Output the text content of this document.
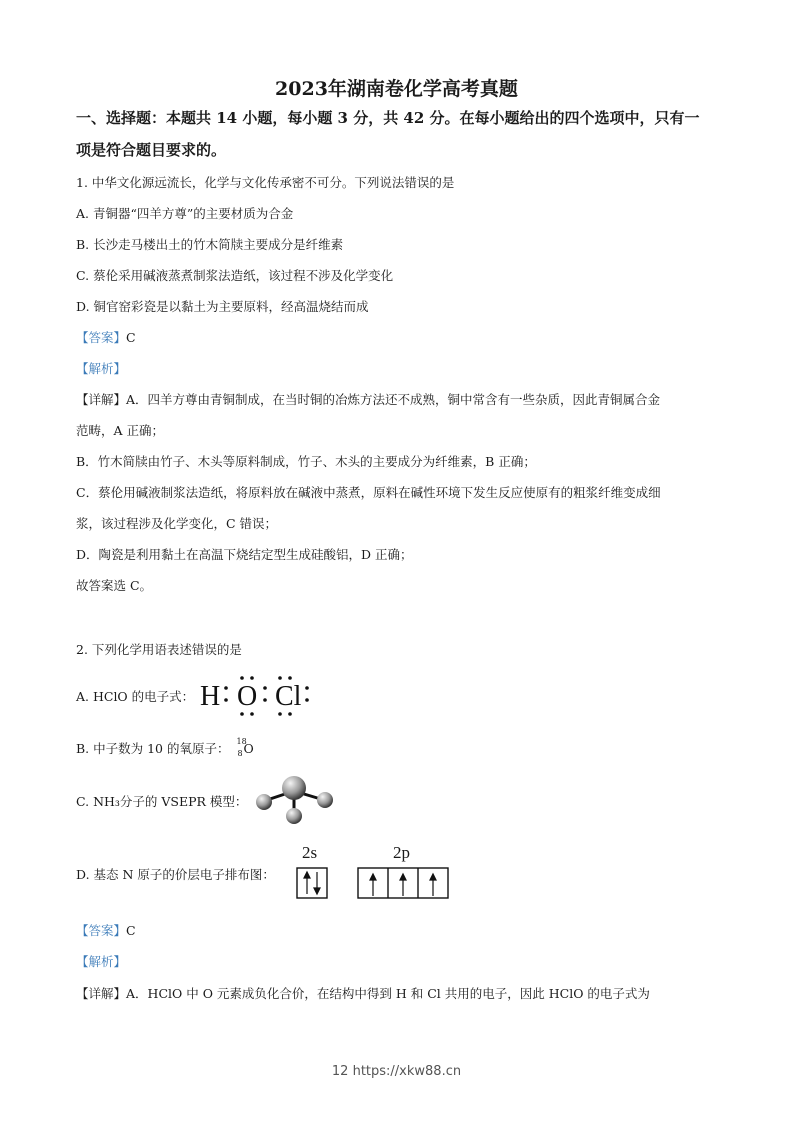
2023年湖南卷化学高考真题
一、选择题：本题共 14 小题，每小题 3 分，共 42 分。在每小题给出的四个选项中，只有一
项是符合题目要求的。
1. 中华文化源远流长，化学与文化传承密不可分。下列说法错误的是
A. 青铜器“四羊方尊”的主要材质为合金
B. 长沙走马楼出土的竹木简牍主要成分是纤维素
C. 蔡伦采用碱液蒸煮制浆法造纸，该过程不涉及化学变化
D. 铜官窑彩瓷是以黏土为主要原料，经高温烧结而成
【答案】C
【解析】
【详解】A．四羊方尊由青铜制成，在当时铜的冶炼方法还不成熟，铜中常含有一些杂质，因此青铜属合金
范畴，A 正确；
B．竹木简牍由竹子、木头等原料制成，竹子、木头的主要成分为纤维素，B 正确；
C．蔡伦用碱液制浆法造纸，将原料放在碱液中蒸煮，原料在碱性环境下发生反应使原有的粗浆纤维变成细
浆，该过程涉及化学变化，C 错误；
D．陶瓷是利用黏土在高温下烧结定型生成硅酸铝，D 正确；
故答案选 C。
2. 下列化学用语表述错误的是
A. HClO 的电子式： H O Cl
B. 中子数为 10 的氧原子： 18
8 O
C. NH₃分子的 VSEPR 模型：
D. 基态 N 原子的价层电子排布图：
2s	2p
【答案】C
【解析】
【详解】A．HClO 中 O 元素成负化合价，在结构中得到 H 和 Cl 共用的电子，因此 HClO 的电子式为
12 https://xkw88.cn
